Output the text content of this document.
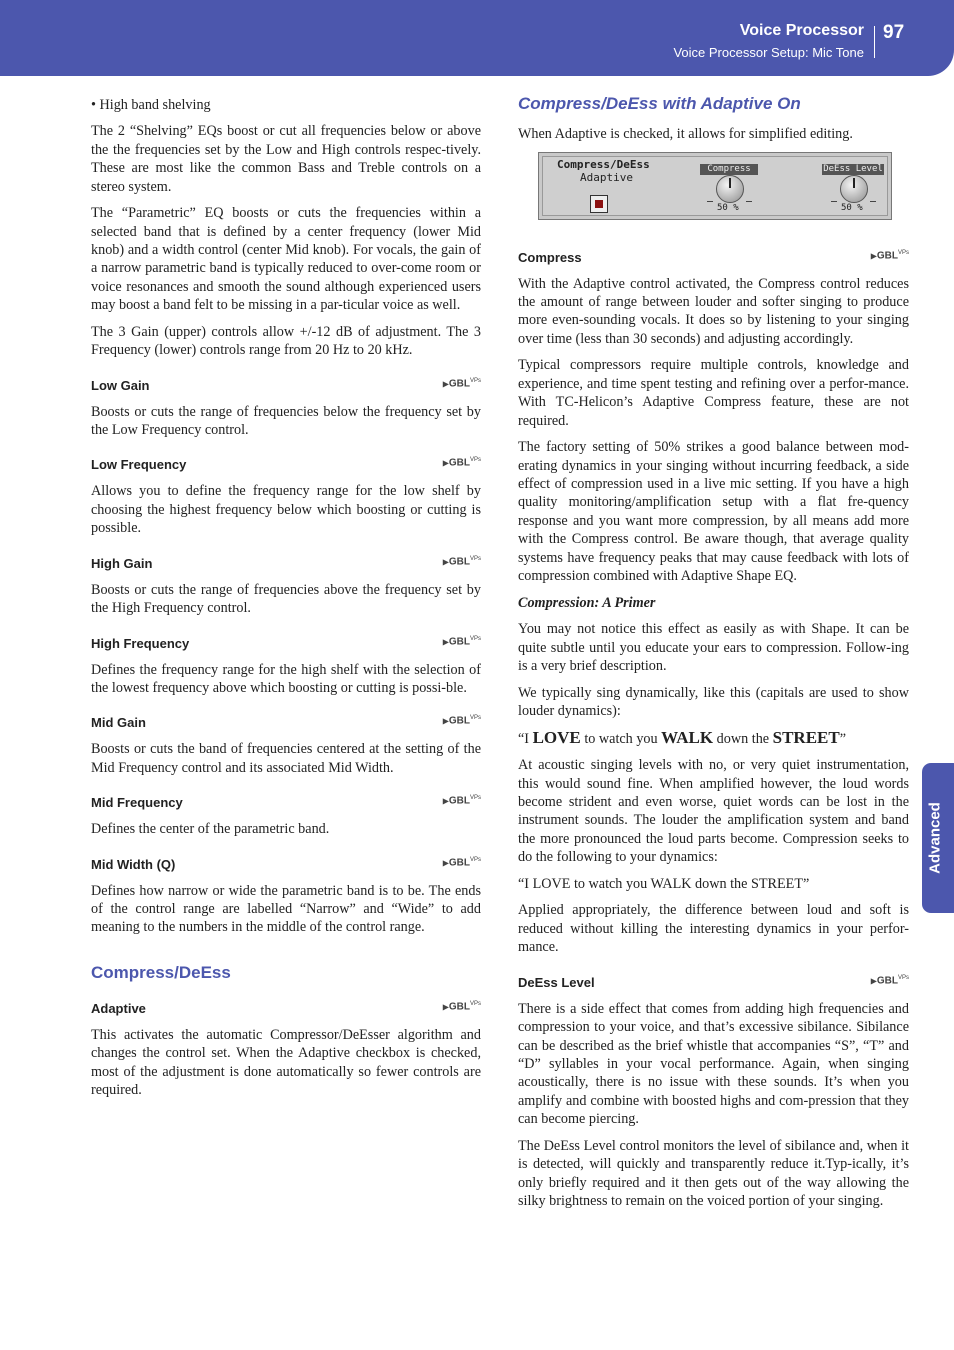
Voice Processor
Voice Processor Setup: Mic Tone
97
Advanced

• High band shelving

The 2 “Shelving” EQs boost or cut all frequencies below or above the the frequencies set by the Low and High controls respec-tively. These are most like the common Bass and Treble controls on a stereo system.

The “Parametric” EQ boosts or cuts the frequencies within a selected band that is defined by a center frequency (lower Mid knob) and a width control (center Mid knob). For vocals, the gain of a narrow parametric band is typically reduced to over-come room or voice resonances and smooth the sound although experienced users may boost a band felt to be missing in a par-ticular voice as well.

The 3 Gain (upper) controls allow +/-12 dB of adjustment. The 3 Frequency (lower) controls range from 20 Hz to 20 kHz.

Low Gain	$▶GBL^{VPs}$

Boosts or cuts the range of frequencies below the frequency set by the Low Frequency control.

Low Frequency	$▶GBL^{VPs}$

Allows you to define the frequency range for the low shelf by choosing the highest frequency below which boosting or cutting is possible.

High Gain	$▶GBL^{VPs}$

Boosts or cuts the range of frequencies above the frequency set by the High Frequency control.

High Frequency	$▶GBL^{VPs}$

Defines the frequency range for the high shelf with the selection of the lowest frequency above which boosting or cutting is possi-ble.

Mid Gain	$▶GBL^{VPs}$

Boosts or cuts the band of frequencies centered at the setting of the Mid Frequency control and its associated Mid Width.

Mid Frequency	$▶GBL^{VPs}$

Defines the center of the parametric band.

Mid Width (Q)	$▶GBL^{VPs}$

Defines how narrow or wide the parametric band is to be. The ends of the control range are labelled “Narrow” and “Wide” to add meaning to the numbers in the middle of the control range.

Compress/DeEss
Adaptive	$▶GBL^{VPs}$

This activates the automatic Compressor/DeEsser algorithm and changes the control set. When the Adaptive checkbox is checked, most of the adjustment is done automatically so fewer controls are required.

Compress/DeEss with Adaptive On

When Adaptive is checked, it allows for simplified editing.

Compress/DeEss
Adaptive
Compress
50 %
DeEss Level
50 %
Compress	$▶GBL^{VPs}$

With the Adaptive control activated, the Compress control reduces the amount of range between louder and softer singing to produce more even-sounding vocals. It does so by listening to your singing over time (less than 30 seconds) and adjusting accordingly.

Typical compressors require multiple controls, knowledge and experience, and time spent testing and refining over a perfor-mance. With TC-Helicon’s Adaptive Compress feature, these are not required.

The factory setting of 50% strikes a good balance between mod-erating dynamics in your singing without incurring feedback, a side effect of compression used in a live mic setting. If you have a high quality monitoring/amplification setup with a flat fre-quency response and you want more compression, by all means add more with the Compress control. Be aware though, that average quality systems have frequency peaks that may cause feedback with lots of compression combined with Adaptive Shape EQ.

Compression: A Primer

You may not notice this effect as easily as with Shape. It can be quite subtle until you educate your ears to compression. Follow-ing is a very brief description.

We typically sing dynamically, like this (capitals are used to show louder dynamics):

“I LOVE to watch you WALK down the STREET”

At acoustic singing levels with no, or very quiet instrumentation, this would sound fine. When amplified however, the loud words become strident and even worse, quiet words can be lost in the instrument sounds. The louder the amplification system and band the more pronounced the loud parts become. Compression seeks to do the following to your dynamics:

“I LOVE to watch you WALK down the STREET”

Applied appropriately, the difference between loud and soft is reduced without killing the interesting dynamics in your perfor-mance.

DeEss Level	$▶GBL^{VPs}$

There is a side effect that comes from adding high frequencies and compression to your voice, and that’s excessive sibilance. Sibilance can be described as the brief whistle that accompanies “S”, “T” and “D” syllables in your vocal performance. Again, when singing acoustically, there is no issue with these sounds. It’s when you amplify and combine with boosted highs and com-pression that they can become piercing.

The DeEss Level control monitors the level of sibilance and, when it is detected, will quickly and transparently reduce it.Typ-ically, it’s only briefly required and it then gets out of the way allowing the silky brightness to remain on the voiced portion of your singing.
